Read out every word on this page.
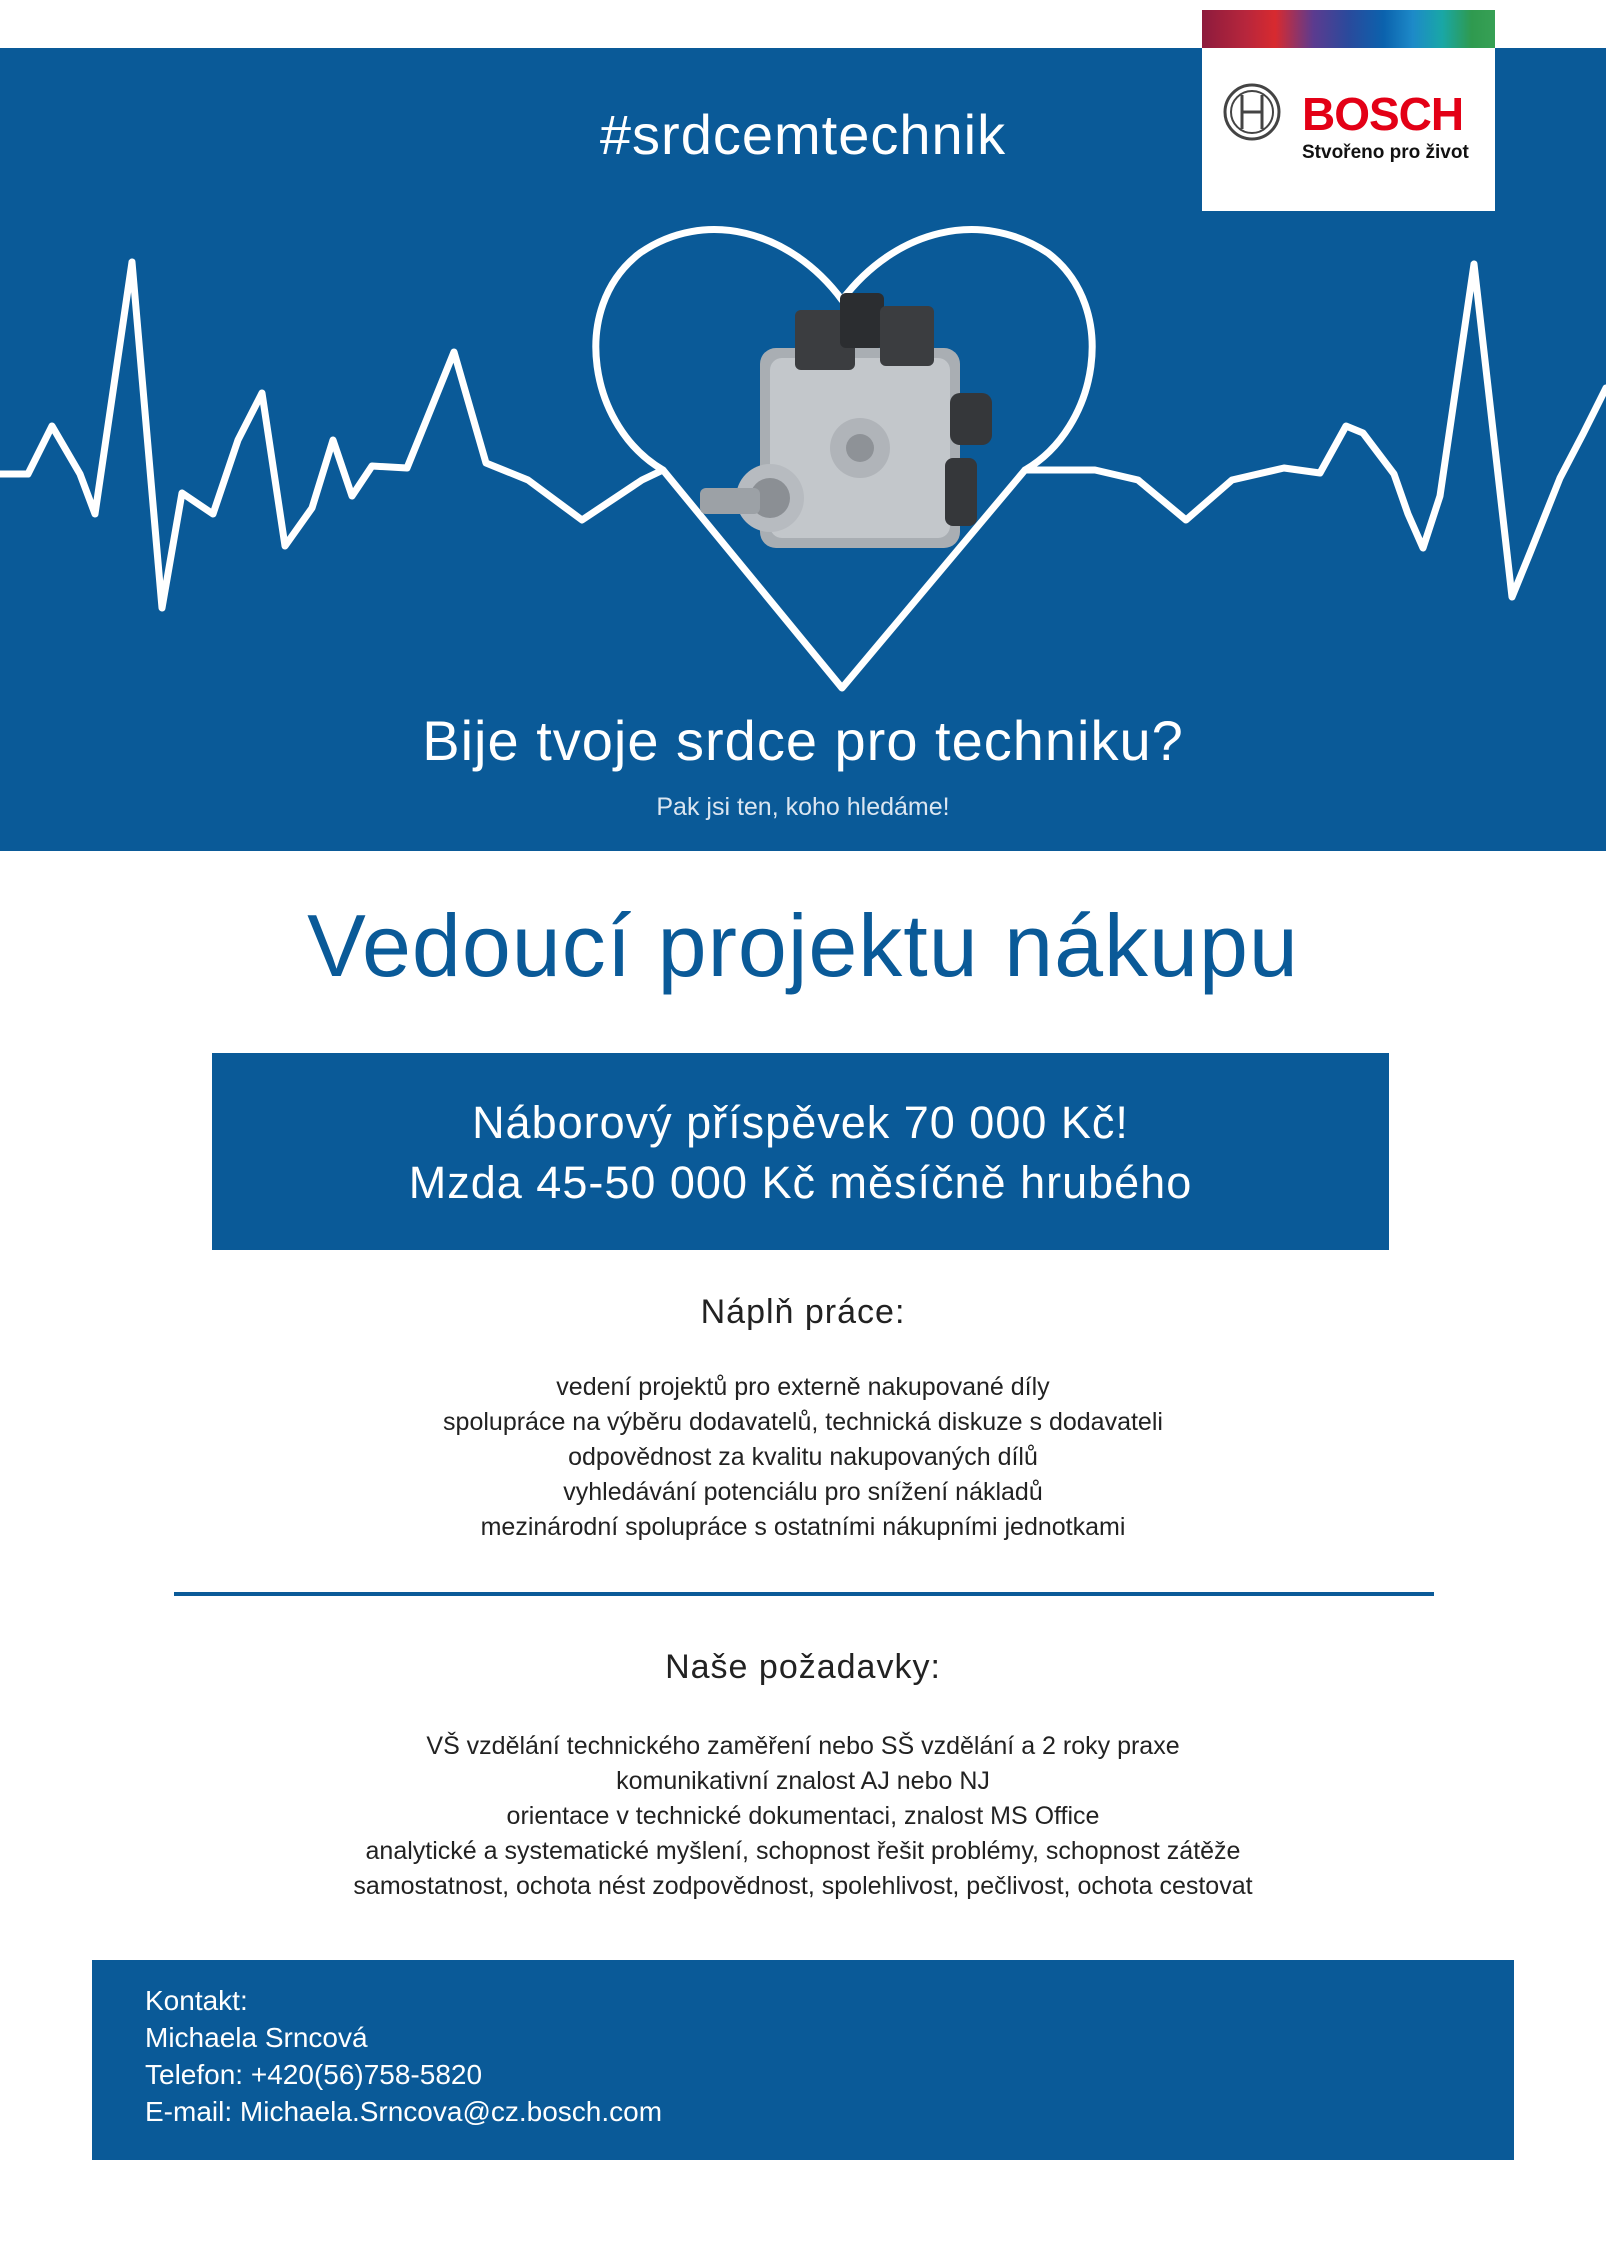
#srdcemtechnik
Bije tvoje srdce pro techniku?
Pak jsi ten, koho hledáme!
BOSCH
Stvořeno pro život
Vedoucí projektu nákupu
Náborový příspěvek 70 000 Kč!
Mzda 45-50 000 Kč měsíčně hrubého
Náplň práce:
vedení projektů pro externě nakupované díly
spolupráce na výběru dodavatelů, technická diskuze s dodavateli
odpovědnost za kvalitu nakupovaných dílů
vyhledávání potenciálu pro snížení nákladů
mezinárodní spolupráce s ostatními nákupními jednotkami
Naše požadavky:
VŠ vzdělání technického zaměření nebo SŠ vzdělání a 2 roky praxe
komunikativní znalost AJ nebo NJ
orientace v technické dokumentaci, znalost MS Office
analytické a systematické myšlení, schopnost řešit problémy, schopnost zátěže
samostatnost, ochota nést zodpovědnost, spolehlivost, pečlivost, ochota cestovat
Kontakt:
Michaela Srncová
Telefon: +420(56)758-5820
E-mail: Michaela.Srncova@cz.bosch.com
